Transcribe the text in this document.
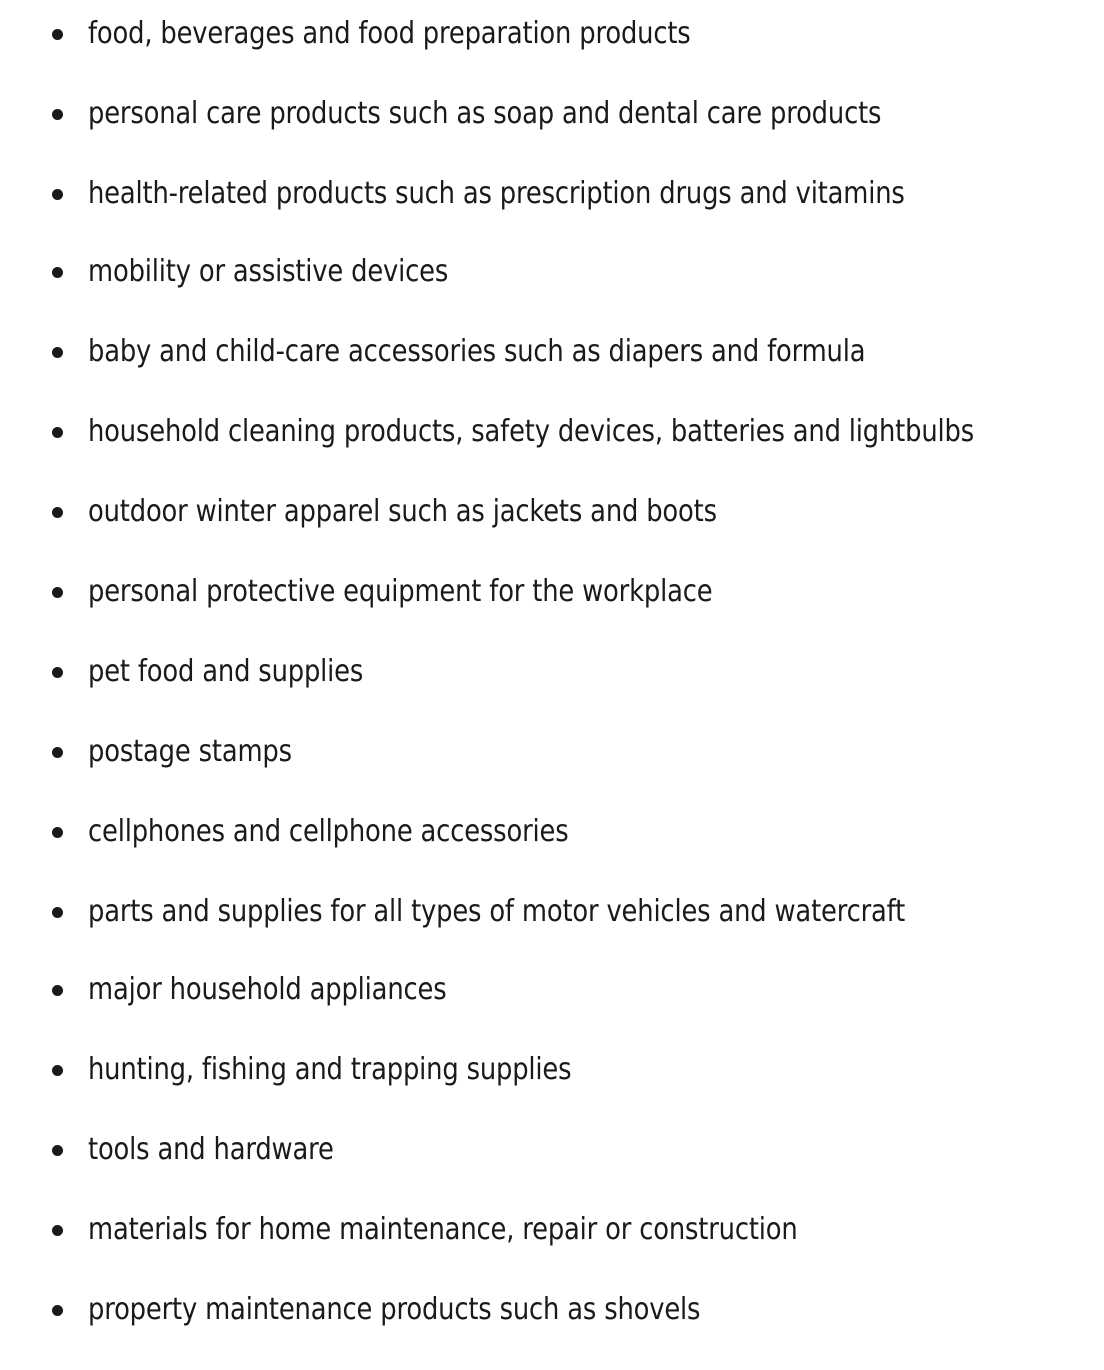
food, beverages and food preparation products
personal care products such as soap and dental care products
health-related products such as prescription drugs and vitamins
mobility or assistive devices
baby and child-care accessories such as diapers and formula
household cleaning products, safety devices, batteries and lightbulbs
outdoor winter apparel such as jackets and boots
personal protective equipment for the workplace
pet food and supplies
postage stamps
cellphones and cellphone accessories
parts and supplies for all types of motor vehicles and watercraft
major household appliances
hunting, fishing and trapping supplies
tools and hardware
materials for home maintenance, repair or construction
property maintenance products such as shovels
